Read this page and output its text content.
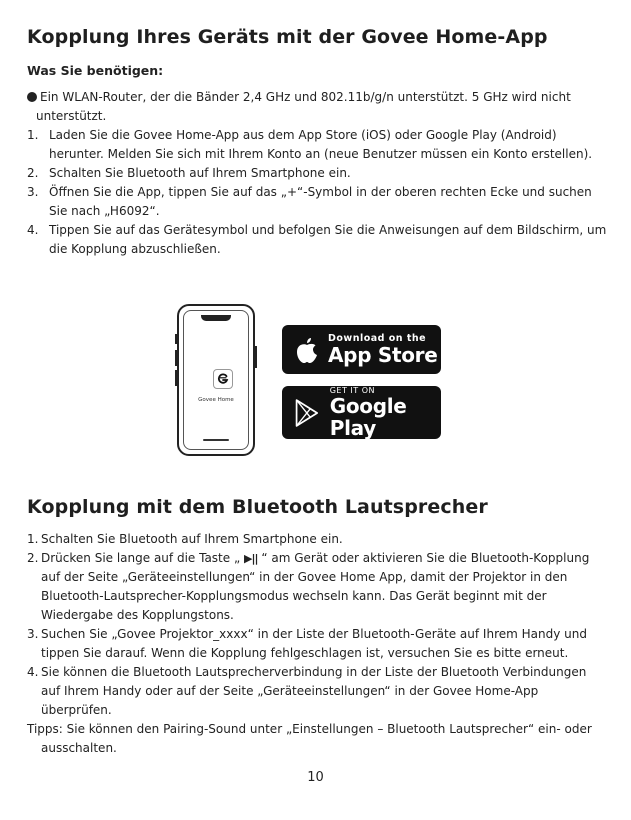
Kopplung Ihres Geräts mit der Govee Home-App

Was Sie benötigen:

Ein WLAN-Router, der die Bänder 2,4 GHz und 802.11b/g/n unterstützt. 5 GHz wird nicht unterstützt.
1. Laden Sie die Govee Home-App aus dem App Store (iOS) oder Google Play (Android) herunter. Melden Sie sich mit Ihrem Konto an (neue Benutzer müssen ein Konto erstellen).
2. Schalten Sie Bluetooth auf Ihrem Smartphone ein.
3. Öffnen Sie die App, tippen Sie auf das „+“-Symbol in der oberen rechten Ecke und suchen Sie nach „H6092“.
4. Tippen Sie auf das Gerätesymbol und befolgen Sie die Anweisungen auf dem Bildschirm, um die Kopplung abzuschließen.
Govee Home
Download on the
App Store
GET IT ON
Google Play
Kopplung mit dem Bluetooth Lautsprecher
1. Schalten Sie Bluetooth auf Ihrem Smartphone ein.
2. Drücken Sie lange auf die Taste „ ▶|| “ am Gerät oder aktivieren Sie die Bluetooth-Kopplung auf der Seite „Geräteeinstellungen“ in der Govee Home App, damit der Projektor in den Bluetooth-Lautsprecher-Kopplungsmodus wechseln kann. Das Gerät beginnt mit der Wiedergabe des Kopplungstons.
3. Suchen Sie „Govee Projektor_xxxx“ in der Liste der Bluetooth-Geräte auf Ihrem Handy und tippen Sie darauf. Wenn die Kopplung fehlgeschlagen ist, versuchen Sie es bitte erneut.
4. Sie können die Bluetooth Lautsprecherverbindung in der Liste der Bluetooth Verbindungen auf Ihrem Handy oder auf der Seite „Geräteeinstellungen“ in der Govee Home-App überprüfen.
Tipps: Sie können den Pairing-Sound unter „Einstellungen – Bluetooth Lautsprecher“ ein- oder ausschalten.
10
